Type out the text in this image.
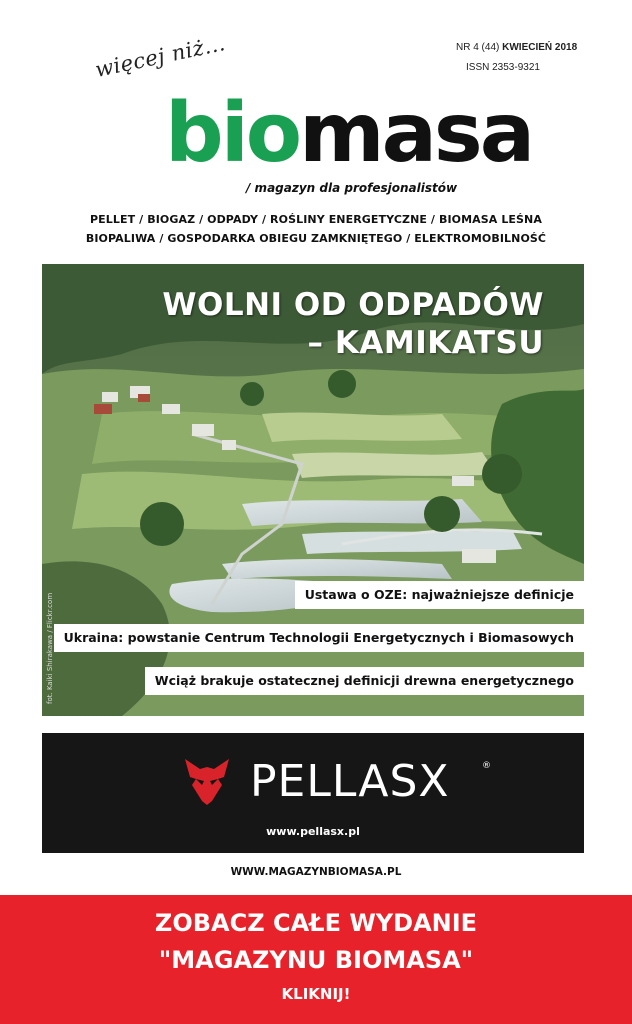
NR 4 (44) KWIECIEŃ 2018
ISSN 2353-9321
więcej niż...
bio masa
/ magazyn dla profesjonalistów
PELLET / BIOGAZ / ODPADY / ROŚLINY ENERGETYCZNE / BIOMASA LEŚNA
BIOPALIWA / GOSPODARKA OBIEGU ZAMKNIĘTEGO / ELEKTROMOBILNOŚĆ
WOLNI OD ODPADÓW
– KAMIKATSU
Ustawa o OZE: najważniejsze definicje
Ukraina: powstanie Centrum Technologii Energetycznych i Biomasowych
Wciąż brakuje ostatecznej definicji drewna energetycznego
fot. Kaiki Shirakawa / Flickr.com
PELLASX	®
www.pellasx.pl
WWW.MAGAZYNBIOMASA.PL
ZOBACZ CAŁE WYDANIE
"MAGAZYNU BIOMASA"
KLIKNIJ!
